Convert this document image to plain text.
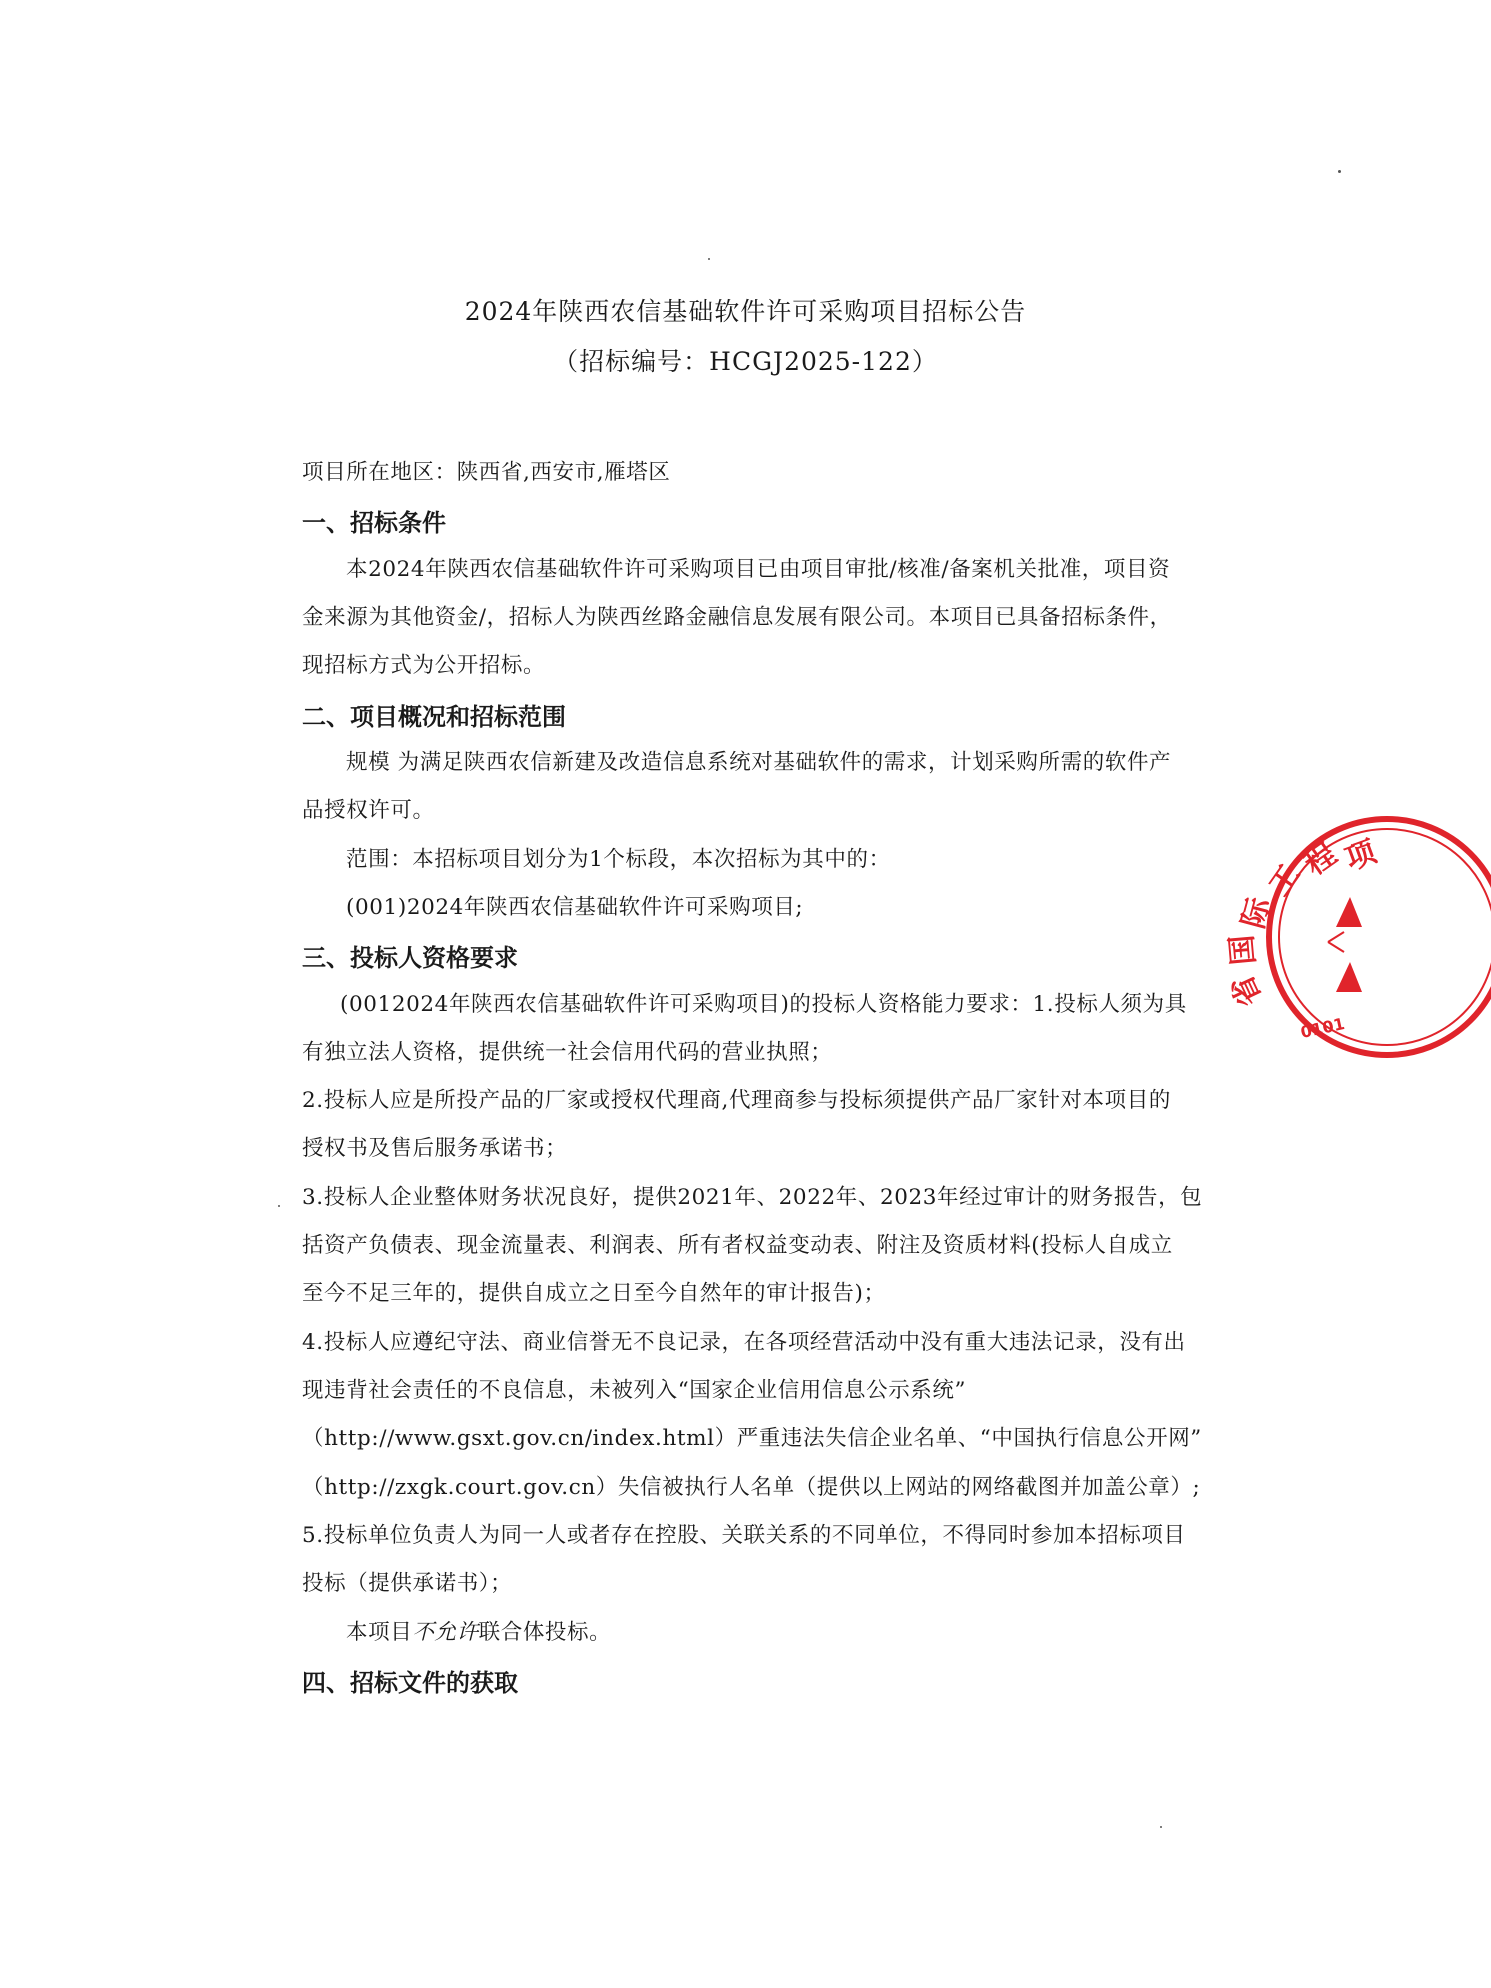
2024年陕西农信基础软件许可采购项目招标公告
（招标编号：HCGJ2025-122）
项目所在地区：陕西省,西安市,雁塔区
一、招标条件
本2024年陕西农信基础软件许可采购项目已由项目审批/核准/备案机关批准，项目资
金来源为其他资金/，招标人为陕西丝路金融信息发展有限公司。本项目已具备招标条件，
现招标方式为公开招标。
二、项目概况和招标范围
规模 为满足陕西农信新建及改造信息系统对基础软件的需求，计划采购所需的软件产
品授权许可。
范围：本招标项目划分为1个标段，本次招标为其中的：
(001)2024年陕西农信基础软件许可采购项目;
三、投标人资格要求
(0012024年陕西农信基础软件许可采购项目)的投标人资格能力要求：1.投标人须为具
有独立法人资格，提供统一社会信用代码的营业执照；
2.投标人应是所投产品的厂家或授权代理商,代理商参与投标须提供产品厂家针对本项目的
授权书及售后服务承诺书；
3.投标人企业整体财务状况良好，提供2021年、2022年、2023年经过审计的财务报告，包
括资产负债表、现金流量表、利润表、所有者权益变动表、附注及资质材料(投标人自成立
至今不足三年的，提供自成立之日至今自然年的审计报告)；
4.投标人应遵纪守法、商业信誉无不良记录，在各项经营活动中没有重大违法记录，没有出
现违背社会责任的不良信息，未被列入“国家企业信用信息公示系统”
（http://www.gsxt.gov.cn/index.html）严重违法失信企业名单、“中国执行信息公开网”
（http://zxgk.court.gov.cn）失信被执行人名单（提供以上网站的网络截图并加盖公章）;
5.投标单位负责人为同一人或者存在控股、关联关系的不同单位，不得同时参加本招标项目
投标（提供承诺书）；
本项目不允许联合体投标。
四、招标文件的获取
项
程
工
际
国
省
0101
